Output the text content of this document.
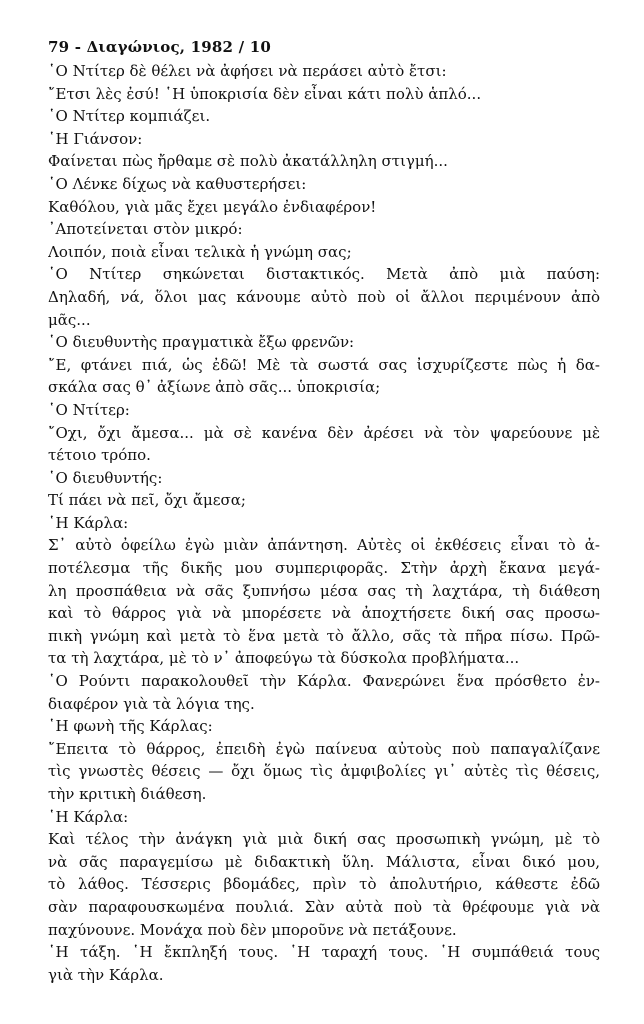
79 - Διαγώνιος, 1982 / 10
῾Ο Ντίτερ δὲ θέλει νὰ ἀφήσει νὰ περάσει αὐτὸ ἔτσι:
῎Ετσι λὲς ἐσύ! ῾Η ὑποκρισία δὲν εἶναι κάτι πολὺ ἁπλό...
῾Ο Ντίτερ κομπιάζει.
῾Η Γιάνσον:
Φαίνεται πὼς ἤρθαμε σὲ πολὺ ἀκατάλληλη στιγμή...
῾Ο Λένκε δίχως νὰ καθυστερήσει:
Καθόλου, γιὰ μᾶς ἔχει μεγάλο ἐνδιαφέρον!
᾿Αποτείνεται στὸν μικρό:
Λοιπόν, ποιὰ εἶναι τελικὰ ἡ γνώμη σας;
῾Ο Ντίτερ σηκώνεται διστακτικός. Μετὰ ἀπὸ μιὰ παύση:
Δηλαδή, νά, ὅλοι μας κάνουμε αὐτὸ ποὺ οἱ ἄλλοι περιμένουν ἀπὸ
μᾶς...
῾Ο διευθυντὴς πραγματικὰ ἔξω φρενῶν:
῎Ε, φτάνει πιά, ὡς ἐδῶ! Μὲ τὰ σωστά σας ἰσχυρίζεστε πὼς ἡ δα-
σκάλα σας θ᾿ ἀξίωνε ἀπὸ σᾶς... ὑποκρισία;
῾Ο Ντίτερ:
῎Οχι, ὄχι ἄμεσα... μὰ σὲ κανένα δὲν ἀρέσει νὰ τὸν ψαρεύουνε μὲ
τέτοιο τρόπο.
῾Ο διευθυντής:
Τί πάει νὰ πεῖ, ὄχι ἄμεσα;
῾Η Κάρλα:
Σ᾿ αὐτὸ ὀφείλω ἐγὼ μιὰν ἀπάντηση. Αὐτὲς οἱ ἐκθέσεις εἶναι τὸ ἀ-
ποτέλεσμα τῆς δικῆς μου συμπεριφορᾶς. Στὴν ἀρχὴ ἔκανα μεγά-
λη προσπάθεια νὰ σᾶς ξυπνήσω μέσα σας τὴ λαχτάρα, τὴ διάθεση
καὶ τὸ θάρρος γιὰ νὰ μπορέσετε νὰ ἀποχτήσετε δική σας προσω-
πικὴ γνώμη καὶ μετὰ τὸ ἕνα μετὰ τὸ ἄλλο, σᾶς τὰ πῆρα πίσω. Πρῶ-
τα τὴ λαχτάρα, μὲ τὸ ν᾿ ἀποφεύγω τὰ δύσκολα προβλήματα...
῾Ο Ρούντι παρακολουθεῖ τὴν Κάρλα. Φανερώνει ἕνα πρόσθετο ἐν-
διαφέρον γιὰ τὰ λόγια της.
῾Η φωνὴ τῆς Κάρλας:
῎Επειτα τὸ θάρρος, ἐπειδὴ ἐγὼ παίνευα αὐτοὺς ποὺ παπαγαλίζανε
τὶς γνωστὲς θέσεις — ὄχι ὅμως τὶς ἀμφιβολίες γι᾿ αὐτὲς τὶς θέσεις,
τὴν κριτικὴ διάθεση.
῾Η Κάρλα:
Καὶ τέλος τὴν ἀνάγκη γιὰ μιὰ δική σας προσωπικὴ γνώμη, μὲ τὸ
νὰ σᾶς παραγεμίσω μὲ διδακτικὴ ὕλη. Μάλιστα, εἶναι δικό μου,
τὸ λάθος. Τέσσερις βδομάδες, πρὶν τὸ ἀπολυτήριο, κάθεστε ἐδῶ
σὰν παραφουσκωμένα πουλιά. Σὰν αὐτὰ ποὺ τὰ θρέφουμε γιὰ νὰ
παχύνουνε. Μονάχα ποὺ δὲν μποροῦνε νὰ πετάξουνε.
῾Η τάξη. ῾Η ἔκπληξή τους. ῾Η ταραχή τους. ῾Η συμπάθειά τους
γιὰ τὴν Κάρλα.
